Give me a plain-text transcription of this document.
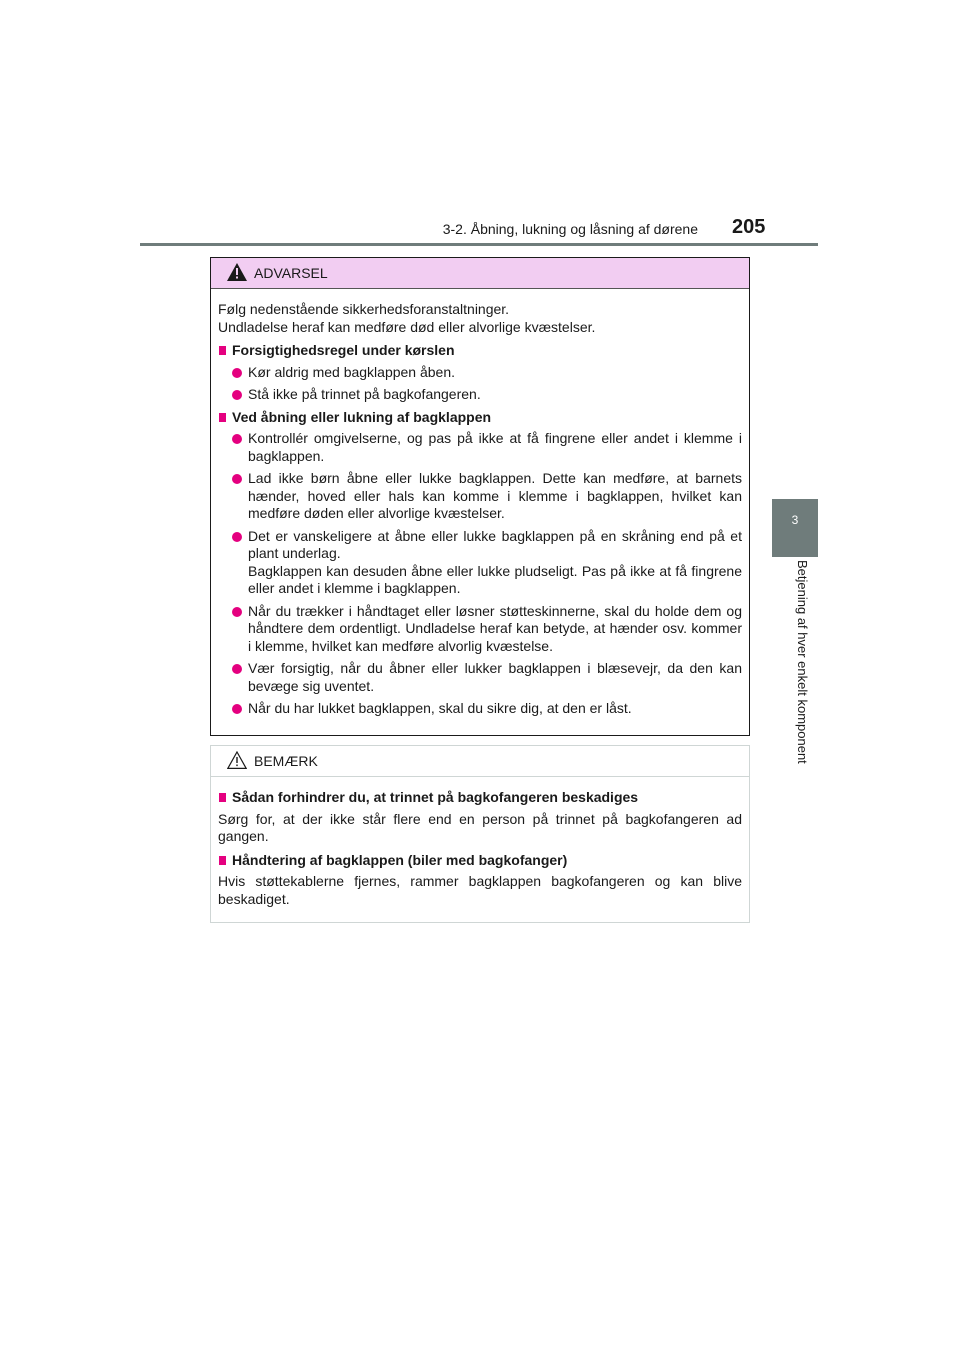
3-2. Åbning, lukning og låsning af dørene 205
3
Betjening af hver enkelt komponent
ADVARSEL
Følg nedenstående sikkerhedsforanstaltninger.
Undladelse heraf kan medføre død eller alvorlige kvæstelser.
Forsigtighedsregel under kørslen
Kør aldrig med bagklappen åben.
Stå ikke på trinnet på bagkofangeren.
Ved åbning eller lukning af bagklappen
Kontrollér omgivelserne, og pas på ikke at få fingrene eller andet i klemme i bagklappen.
Lad ikke børn åbne eller lukke bagklappen. Dette kan medføre, at barnets hænder, hoved eller hals kan komme i klemme i bagklappen, hvilket kan medføre døden eller alvorlige kvæstelser.
Det er vanskeligere at åbne eller lukke bagklappen på en skråning end på et plant underlag.
Bagklappen kan desuden åbne eller lukke pludseligt. Pas på ikke at få fingrene eller andet i klemme i bagklappen.
Når du trækker i håndtaget eller løsner støtteskinnerne, skal du holde dem og håndtere dem ordentligt. Undladelse heraf kan betyde, at hænder osv. kommer i klemme, hvilket kan medføre alvorlig kvæstelse.
Vær forsigtig, når du åbner eller lukker bagklappen i blæsevejr, da den kan bevæge sig uventet.
Når du har lukket bagklappen, skal du sikre dig, at den er låst.
BEMÆRK
Sådan forhindrer du, at trinnet på bagkofangeren beskadiges

Sørg for, at der ikke står flere end en person på trinnet på bagkofangeren ad gangen.

Håndtering af bagklappen (biler med bagkofanger)

Hvis støttekablerne fjernes, rammer bagklappen bagkofangeren og kan blive beskadiget.
